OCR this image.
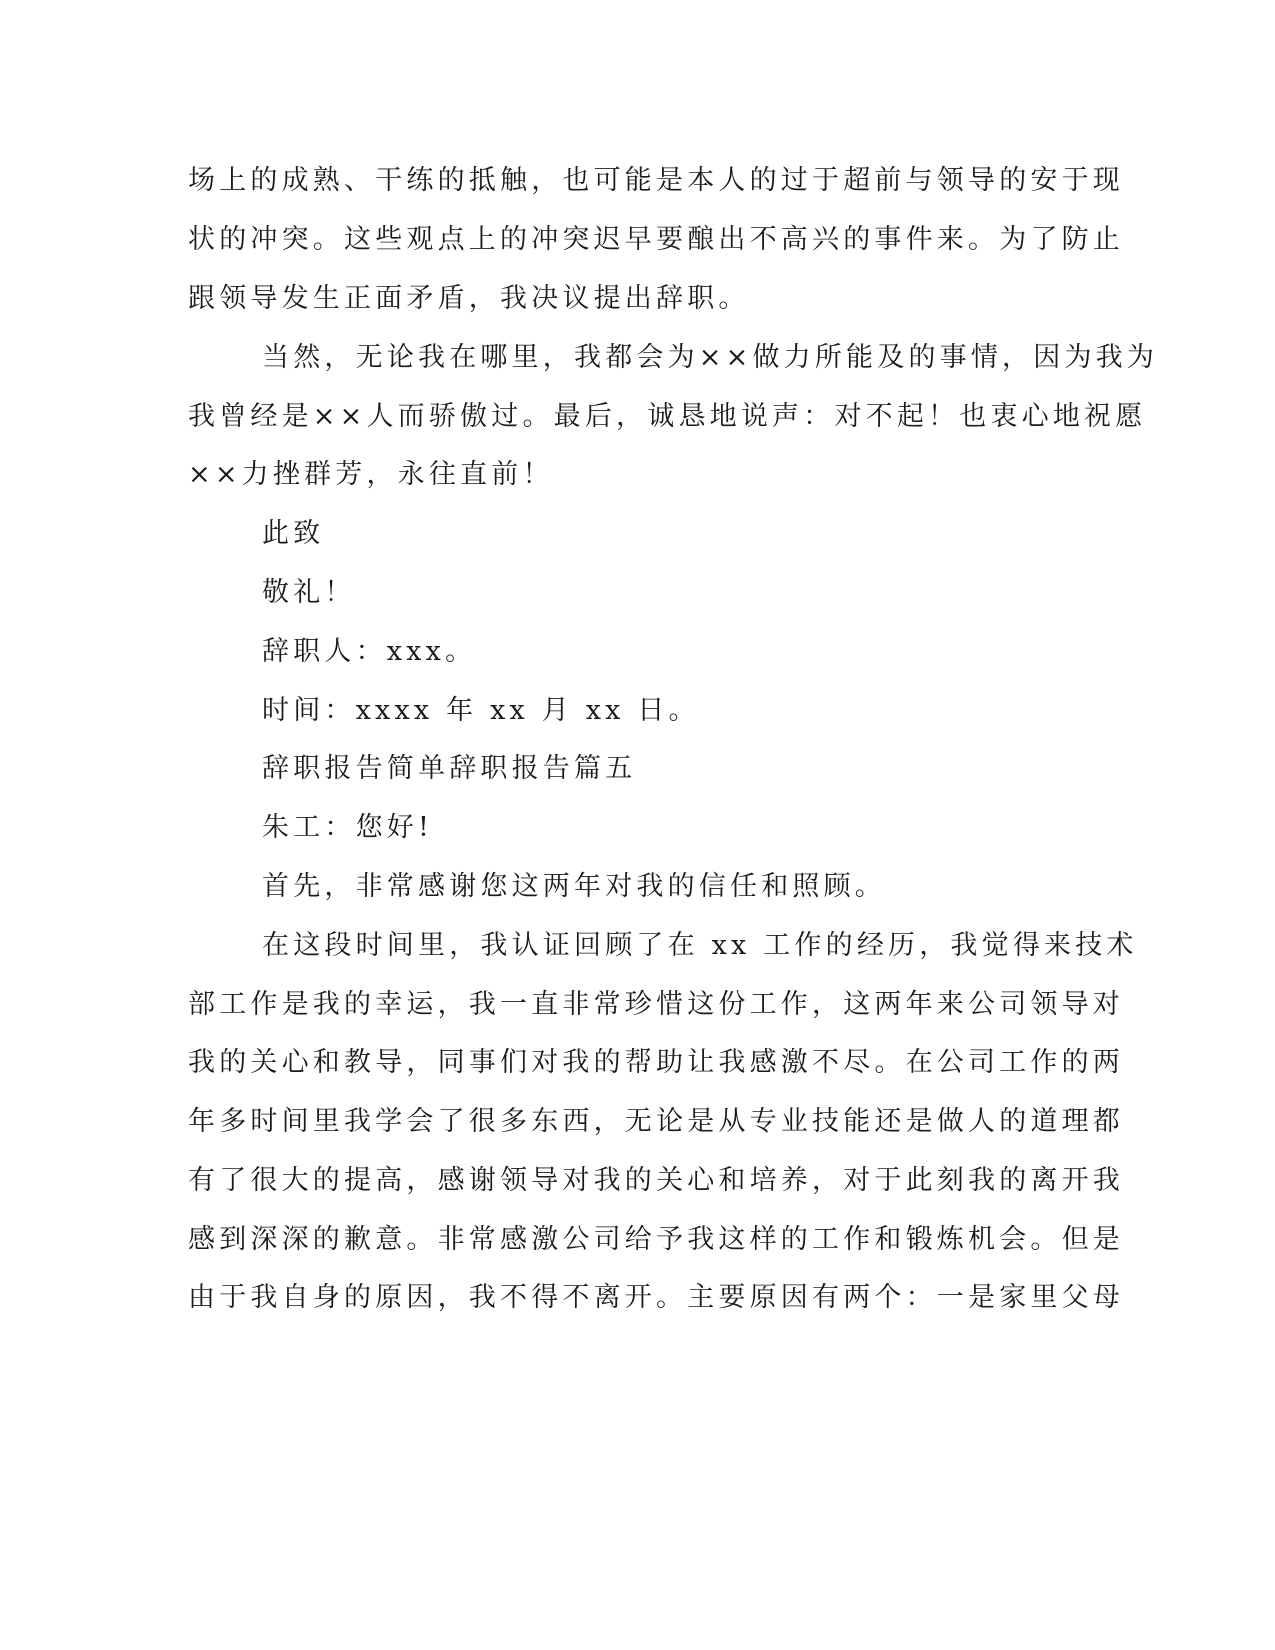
场上的成熟、干练的抵触，也可能是本人的过于超前与领导的安于现
状的冲突。这些观点上的冲突迟早要酿出不高兴的事件来。为了防止
跟领导发生正面矛盾，我决议提出辞职。
当然，无论我在哪里，我都会为××做力所能及的事情，因为我为
我曾经是××人而骄傲过。最后，诚恳地说声：对不起！也衷心地祝愿
××力挫群芳，永往直前！
此致
敬礼！
辞职人：xxx。
时间：xxxx 年 xx 月 xx 日。
辞职报告简单辞职报告篇五
朱工：您好!
首先，非常感谢您这两年对我的信任和照顾。
在这段时间里，我认证回顾了在 xx 工作的经历，我觉得来技术
部工作是我的幸运，我一直非常珍惜这份工作，这两年来公司领导对
我的关心和教导，同事们对我的帮助让我感激不尽。在公司工作的两
年多时间里我学会了很多东西，无论是从专业技能还是做人的道理都
有了很大的提高，感谢领导对我的关心和培养，对于此刻我的离开我
感到深深的歉意。非常感激公司给予我这样的工作和锻炼机会。但是
由于我自身的原因，我不得不离开。主要原因有两个：一是家里父母
